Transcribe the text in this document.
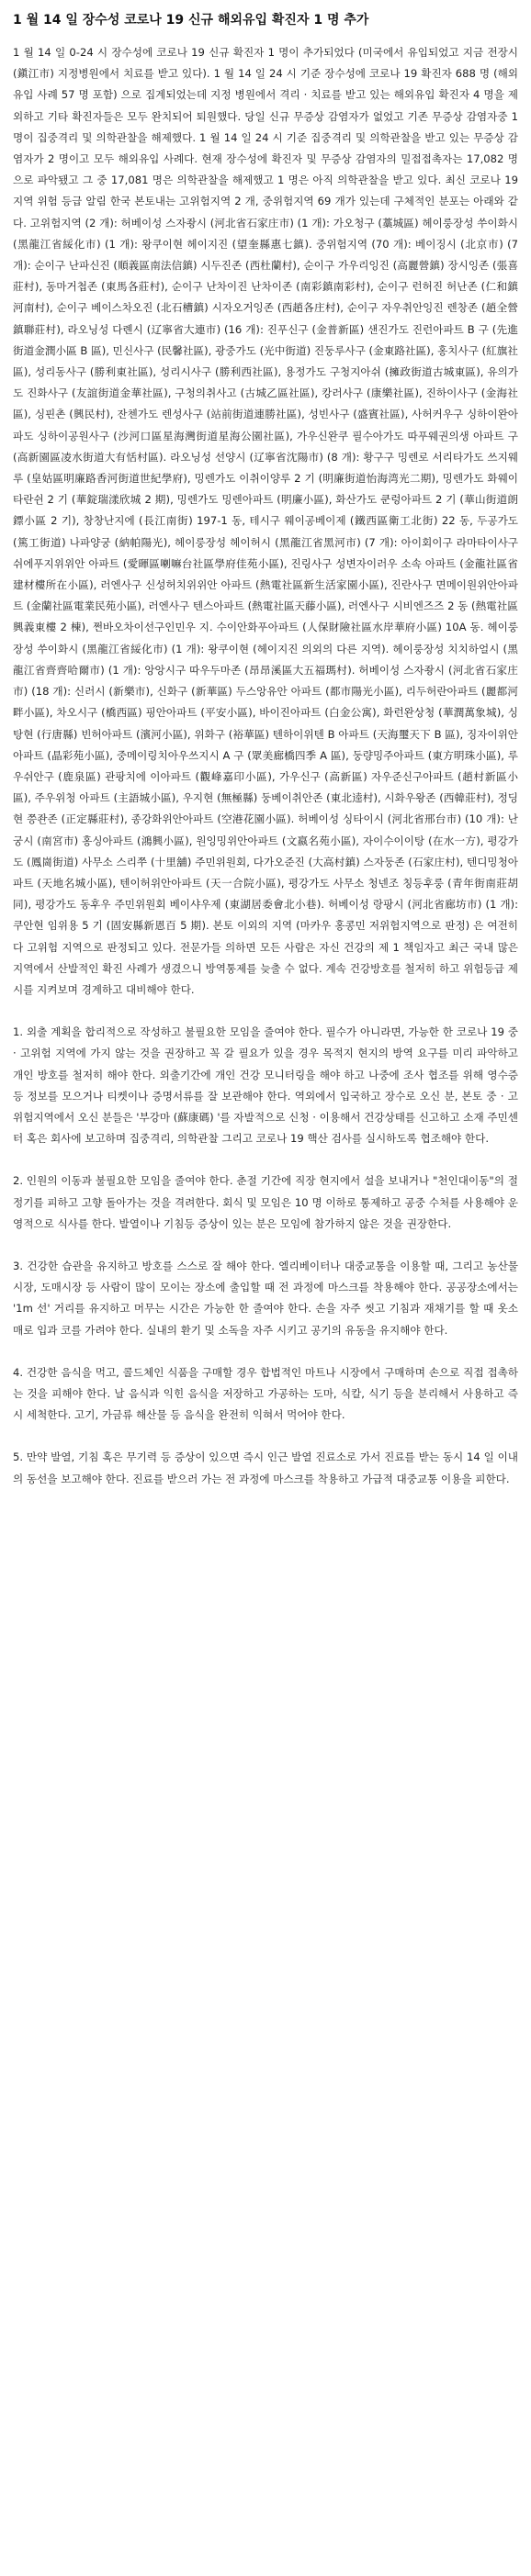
1 월 14 일 장수성 코로나 19 신규 해외유입 확진자 1 명 추가

1 월 14 일 0-24 시 장수성에 코로나 19 신규 확진자 1 명이 추가되었다 (미국에서 유입되었고 지금 전장시(鎭江市) 지정병원에서 치료를 받고 있다). 1 월 14 일 24 시 기준 장수성에 코로나 19 확진자 688 명 (해외 유입 사례 57 명 포함) 으로 집계되었는데 지정 병원에서 격리 · 치료를 받고 있는 해외유입 확진자 4 명을 제외하고 기타 확진자들은 모두 완치되어 퇴원했다. 당일 신규 무증상 감염자가 없었고 기존 무증상 감염자중 1 명이 집중격리 및 의학관찰을 해제했다. 1 월 14 일 24 시 기준 집중격리 및 의학관찰을 받고 있는 무증상 감염자가 2 명이고 모두 해외유입 사례다. 현재 장수성에 확진자 및 무증상 감염자의 밀접접촉자는 17,082 명으로 파악됐고 그 중 17,081 명은 의학관찰을 해제했고 1 명은 아직 의학관찰을 받고 있다. 최신 코로나 19 지역 위험 등급 알림 한국 본토내는 고위험지역 2 개, 중위험지역 69 개가 있는데 구체적인 분포는 아래와 같다. 고위험지역 (2 개): 허베이성 스자좡시 (河北省石家庄市) (1 개): 가오청구 (藁城區) 헤이룽장성 쑤이화시 (黑龍江省綏化市) (1 개): 왕쿠이현 헤이지진 (望奎縣惠七鎮). 중위험지역 (70 개): 베이징시 (北京市) (7 개): 순이구 난파신진 (順義區南法信鎮) 시두진존 (西杜蘭村), 순이구 가우리잉진 (高麗營鎮) 장시잉존 (張喜莊村), 동마거첩존 (東馬各莊村), 순이구 난차이진 난차이존 (南彩鎮南彩村), 순이구 런허진 허난존 (仁和鎮河南村), 순이구 베이스차오진 (北石槽鎮) 시자오거잉존 (西趙各庄村), 순이구 자우취안잉진 렌창존 (趙全營鎮聯莊村), 라오닝성 다롄시 (辽寧省大連市) (16 개): 진푸신구 (金普新區) 샌진가도 진런아파트 B 구 (先進街道金潤小區 B 區), 민신사구 (民馨社區), 광중가도 (光中街道) 진둥루사구 (金東路社區), 홍치사구 (紅旗社區), 성리동사구 (勝利東社區), 성리시사구 (勝利西社區), 용정가도 구청지아쉬 (擁政街道古城東區), 유의가도 진화사구 (友誼街道金華社區), 구청의취사고 (古城乙區社區), 캉러사구 (康樂社區), 진하이사구 (金海社區), 싱핀촌 (興民村), 잔첸가도 렌성사구 (站前街道連勝社區), 성빈사구 (盛賓社區), 사허커우구 싱하이완아파도 싱하이공원사구 (沙河口區星海灣街道星海公園社區), 가우신완쿠 필수아가도 따푸웨권의생 아파트 구 (高新園區凌水街道大有恬村區). 라오닝성 선양시 (辽寧省沈陽市) (8 개): 황구구 밍렌로 서리타가도 쓰지웨루 (皇姑區明廉路香河街道世紀學府), 밍렌가도 이취이양루 2 기 (明廉街道怡海湾光二期), 밍렌가도 화웨이타란쉰 2 기 (華錠瑞漾欣城 2 期), 밍렌가도 밍렌아파트 (明廉小區), 화산가도 쿤렁아파트 2 기 (華山街道朗鏢小區 2 기), 창창난지에 (長江南街) 197-1 동, 테시구 웨이공베이제 (鐵西區衛工北街) 22 동, 두공가도 (篤工街道) 나파양궁 (納帕陽光), 헤이룽장성 헤이허시 (黑龍江省黑河市) (7 개): 아이회이구 라마타이사구 쉬에푸지위위안 아파트 (愛暉區喇嘛台社區學府佳苑小區), 진링사구 성변자이러우 소속 아파트 (金龍社區省建材樓所在小區), 러엔사구 신성허치위위안 아파트 (熱電社區新生活家園小區), 진란사구 면메이원위안아파트 (金蘭社區電業民苑小區), 러엔사구 텐스아파트 (熱電社區天藤小區), 러엔사구 시비엔즈즈 2 동 (熱電社區興義東樓 2 棟), 쩐바오차이선구인민우 지. 수이안화푸아파트 (人保財險社區水岸華府小區) 10A 동. 헤이룽장성 쑤이화시 (黑龍江省綏化市) (1 개): 왕쿠이현 (헤이지진 의외의 다른 지역). 헤이룽장성 치치하얼시 (黑龍江省齊齊哈爾市) (1 개): 앙앙시구 따우두마존 (昂昂溪區大五福瑪村). 허베이성 스자좡시 (河北省石家庄市) (18 개): 신러시 (新樂市), 신화구 (新華區) 두스앙유안 아파트 (都市陽光小區), 리두허란아파트 (麗都河畔小區), 차오시구 (橋西區) 핑안아파트 (平安小區), 바이진아파트 (白金公寓), 화런완상청 (華潤萬象城), 싱탕현 (行唐縣) 빈허아파트 (濱河小區), 위화구 (裕華區) 텐하이위텐 B 아파트 (天海璽天下 B 區), 징자이위안아파트 (晶彩苑小區), 중메이링치아우쓰지시 A 구 (眾美廊橋四季 A 區), 둥량밍주아파트 (東方明珠小區), 루우쉬안구 (鹿泉區) 관팡치에 이아파트 (觀峰嘉印小區), 가우신구 (高新區) 자우준신구아파트 (趙村新區小區), 주우위청 아파트 (主語城小區), 우지현 (無極縣) 둥베이취안존 (東北逵村), 시화우왕존 (西韓莊村), 정딩현 쯩좐존 (正定縣莊村), 종강화위안아파트 (空港花園小區). 허베이성 싱타이시 (河北省邢台市) (10 개): 난궁시 (南宮市) 홍싱아파트 (鴻興小區), 원잉밍위안아파트 (文嬴名苑小區), 자이수이이탕 (在水一方), 평강가도 (鳳崗街道) 사무소 스리쭈 (十里舖) 주민위원회, 다가오준진 (大高村鎮) 스자둥존 (石家庄村), 텐디밍청아파트 (天地名城小區), 텐이허위안아파트 (天一合院小區), 평강가도 사무소 청넨조 칭등후룽 (青年街南莊胡同), 평강가도 동후우 주민위원회 베이샤우제 (東湖居委會北小巷). 허베이성 랑팡시 (河北省廊坊市) (1 개): 쿠안현 임위용 5 기 (固安縣新恩百 5 期). 본토 이외의 지역 (마카우 홍콩민 저위험지역으로 판정) 은 여전히 다 고위험 지역으로 판정되고 있다. 전문가들 의하면 모든 사람은 자신 건강의 제 1 책임자고 최근 국내 많은 지역에서 산발적인 확진 사례가 생겼으니 방역통제를 늦출 수 없다. 계속 건강방호를 철저히 하고 위험등급 제시를 지켜보며 경계하고 대비해야 한다.

1. 외출 계획을 합리적으로 작성하고 불필요한 모임을 줄여야 한다. 필수가 아니라면, 가능한 한 코로나 19 중 · 고위험 지역에 가지 않는 것을 권장하고 꼭 갈 필요가 있을 경우 목적지 현지의 방역 요구를 미리 파악하고 개인 방호를 철저히 해야 한다. 외출기간에 개인 건강 모니터링을 해야 하고 나중에 조사 협조를 위해 영수증 등 정보를 모으거나 티켓이나 증명서류를 잘 보관해야 한다. 역외에서 입국하고 장수로 오신 분, 본토 중 · 고위험지역에서 오신 분들은 '부강마 (蘇康碼) '를 자발적으로 신청 · 이용해서 건강상태를 신고하고 소재 주민센터 혹은 회사에 보고하며 집중격리, 의학관찰 그리고 코로나 19 핵산 검사를 실시하도록 협조해야 한다.

2. 인원의 이동과 불필요한 모임을 줄여야 한다. 춘절 기간에 직장 현지에서 설을 보내거나 "천인대이동"의 절정기를 피하고 고향 돌아가는 것을 격려한다. 회식 및 모임은 10 명 이하로 통제하고 공중 수처를 사용해야 운영적으로 식사를 한다. 발열이나 기침등 증상이 있는 분은 모임에 참가하지 않은 것을 권장한다.

3. 건강한 습관을 유지하고 방호를 스스로 잘 해야 한다. 엘리베이터나 대중교통을 이용할 때, 그리고 농산물시장, 도매시장 등 사람이 많이 모이는 장소에 출입할 때 전 과정에 마스크를 착용해야 한다. 공공장소에서는 '1m 선' 거리를 유지하고 머무는 시간은 가능한 한 줄여야 한다. 손을 자주 씻고 기침과 재채기를 할 때 옷소매로 입과 코를 가려야 한다. 실내의 환기 및 소독을 자주 시키고 공기의 유동을 유지해야 한다.

4. 건강한 음식을 먹고, 콜드체인 식품을 구매할 경우 합법적인 마트나 시장에서 구매하며 손으로 직접 접촉하는 것을 피해야 한다. 날 음식과 익힌 음식을 저장하고 가공하는 도마, 식칼, 식기 등을 분리해서 사용하고 즉시 세척한다. 고기, 가금류 해산물 등 음식을 완전히 익혀서 먹어야 한다.

5. 만약 발열, 기침 혹은 무기력 등 증상이 있으면 즉시 인근 발열 진료소로 가서 진료를 받는 동시 14 일 이내의 동선을 보고해야 한다. 진료를 받으러 가는 전 과정에 마스크를 착용하고 가급적 대중교통 이용을 피한다.
